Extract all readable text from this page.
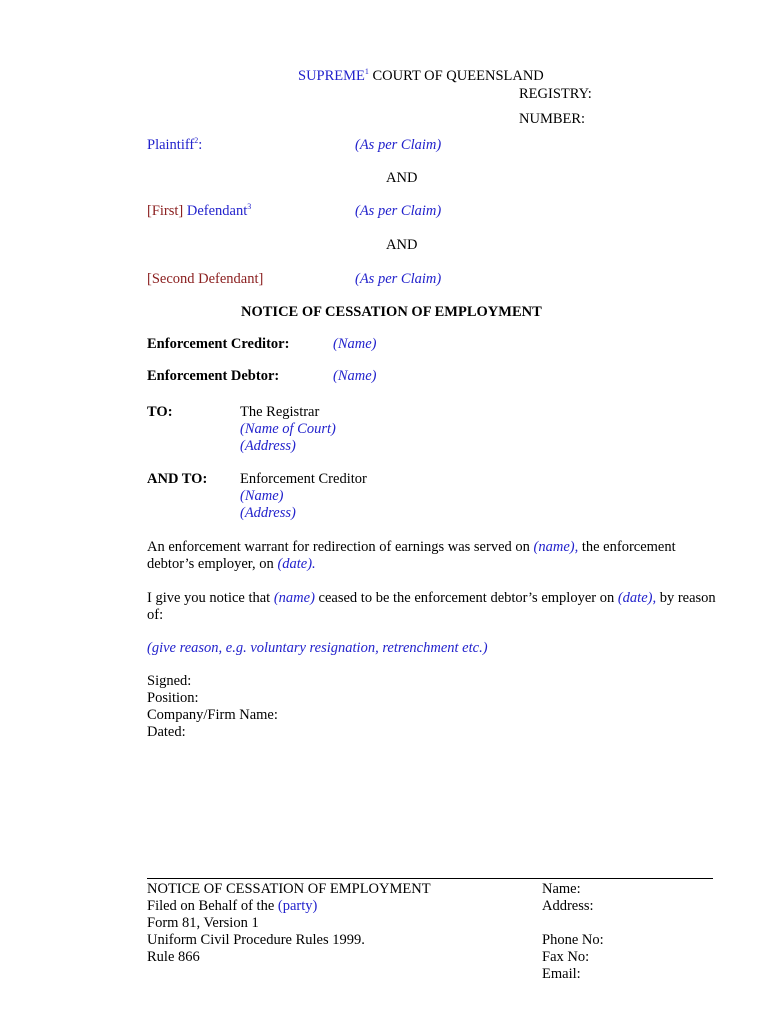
SUPREME$^1$ COURT OF QUEENSLAND
REGISTRY:
NUMBER:
Plaintiff$^2$:	(As per Claim)
AND
[First] Defendant$^3$	(As per Claim)
AND
[Second Defendant]	(As per Claim)
NOTICE OF CESSATION OF EMPLOYMENT
Enforcement Creditor:	(Name)
Enforcement Debtor:	(Name)
TO:	The Registrar
(Name of Court)
(Address)
AND TO: Enforcement Creditor
(Name)
(Address)
An enforcement warrant for redirection of earnings was served on (name), the enforcement debtor’s employer, on (date).
I give you notice that (name) ceased to be the enforcement debtor’s employer on (date), by reason of:
(give reason, e.g. voluntary resignation, retrenchment etc.)
Signed:
Position:
Company/Firm Name:
Dated:
NOTICE OF CESSATION OF EMPLOYMENT
Filed on Behalf of the (party)
Form 81, Version 1
Uniform Civil Procedure Rules 1999.
Rule 866
Name:
Address:
Phone No:
Fax No:
Email:
